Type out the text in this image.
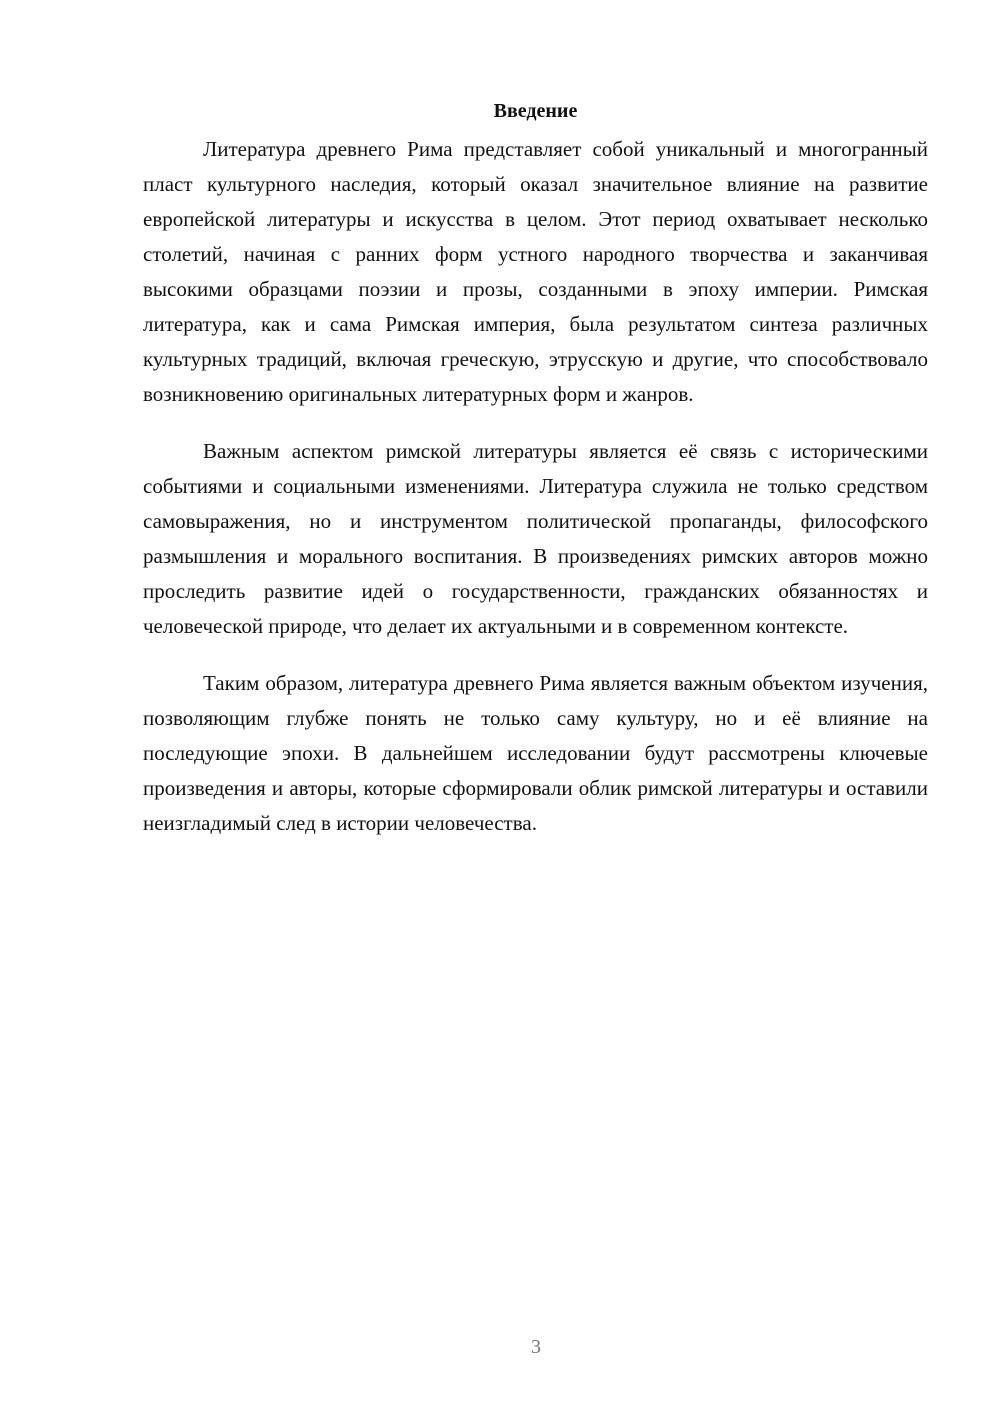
Введение

Литература древнего Рима представляет собой уникальный и многогранный пласт культурного наследия, который оказал значительное влияние на развитие европейской литературы и искусства в целом. Этот период охватывает несколько столетий, начиная с ранних форм устного народного творчества и заканчивая высокими образцами поэзии и прозы, созданными в эпоху империи. Римская литература, как и сама Римская империя, была результатом синтеза различных культурных традиций, включая греческую, этрусскую и другие, что способствовало возникновению оригинальных литературных форм и жанров.

Важным аспектом римской литературы является её связь с историческими событиями и социальными изменениями. Литература служила не только средством самовыражения, но и инструментом политической пропаганды, философского размышления и морального воспитания. В произведениях римских авторов можно проследить развитие идей о государственности, гражданских обязанностях и человеческой природе, что делает их актуальными и в современном контексте.

Таким образом, литература древнего Рима является важным объектом изучения, позволяющим глубже понять не только саму культуру, но и её влияние на последующие эпохи. В дальнейшем исследовании будут рассмотрены ключевые произведения и авторы, которые сформировали облик римской литературы и оставили неизгладимый след в истории человечества.

3
